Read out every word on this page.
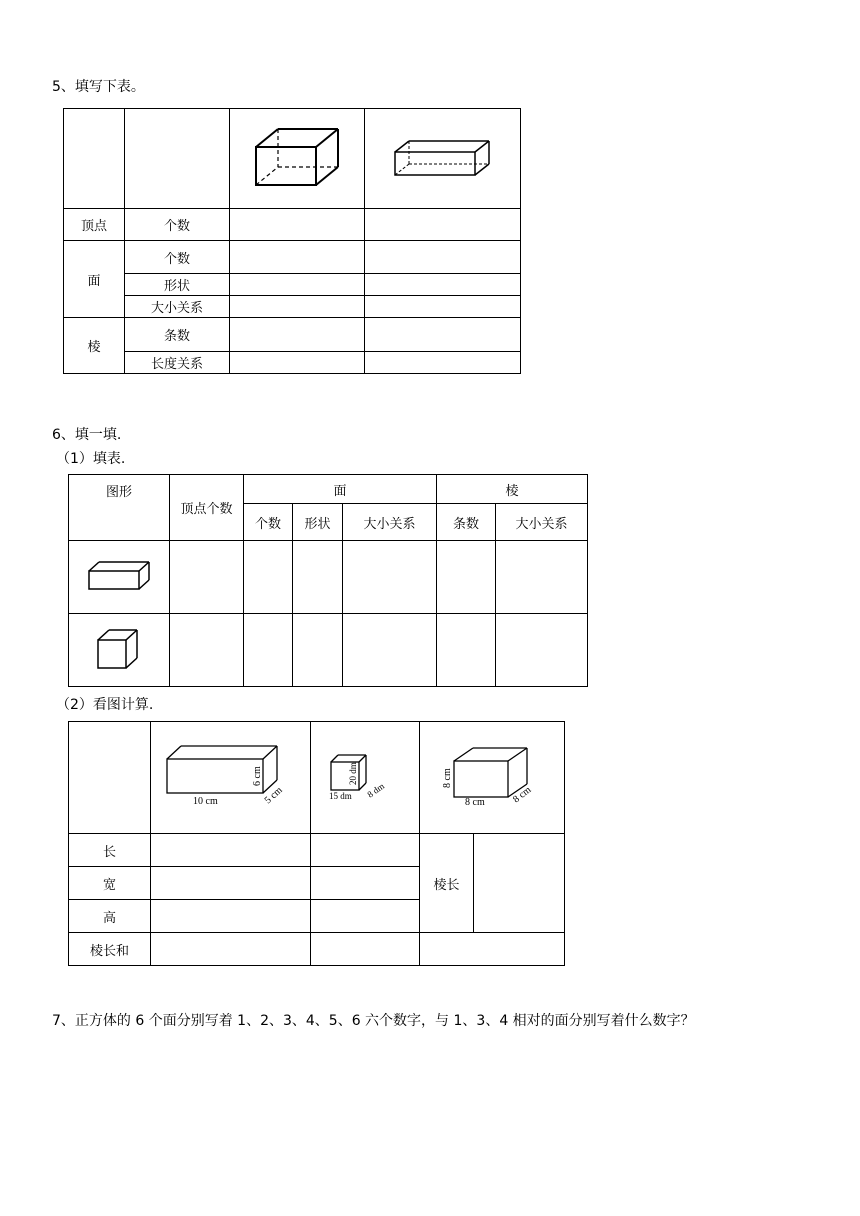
5、填写下表。

顶点	个数		
面	个数		
	形状		
	大小关系		
棱	条数		
	长度关系		
6、填一填.
（1）填表.
图形	顶点个数	面			棱	
		个数	形状	大小关系	条数	大小关系

（2）看图计算.

10 cm
6 cm
5 cm	15 dm
20 dm
8 dm	8 cm
8 cm
8 cm	

长			棱长	
宽				
高				
棱长和				
7、正方体的 6 个面分别写着 1、2、3、4、5、6 六个数字，与 1、3、4 相对的面分别写着什么数字？
